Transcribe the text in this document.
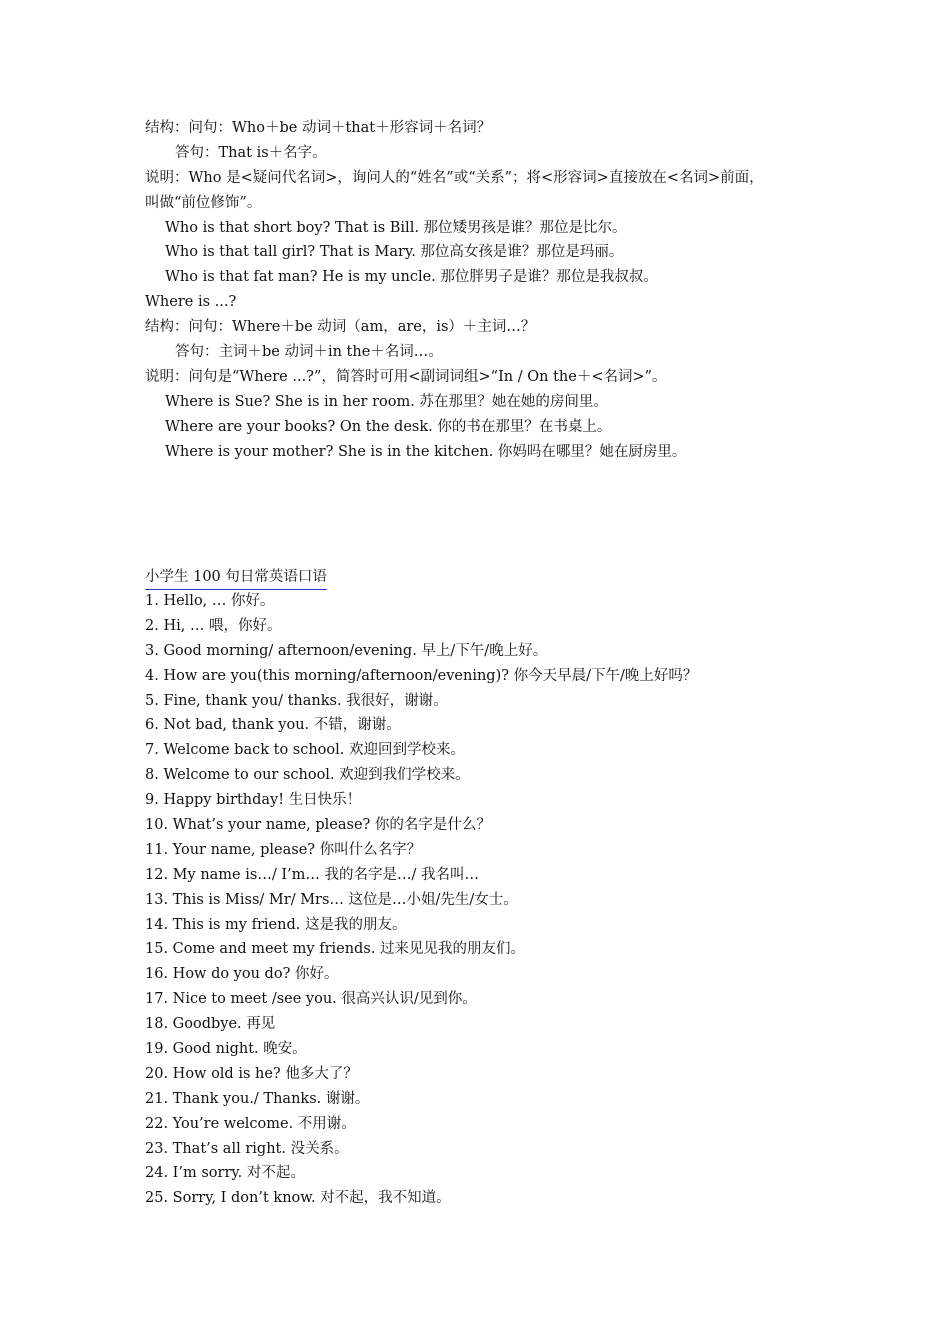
结构：问句：Who＋be 动词＋that＋形容词＋名词？
答句：That is＋名字。
说明：Who 是<疑问代名词>，询问人的“姓名”或“关系”；将<形容词>直接放在<名词>前面，
叫做“前位修饰”。
Who is that short boy? That is Bill. 那位矮男孩是谁？那位是比尔。
Who is that tall girl? That is Mary. 那位高女孩是谁？那位是玛丽。
Who is that fat man? He is my uncle. 那位胖男子是谁？那位是我叔叔。
Where is ...?
结构：问句：Where＋be 动词（am，are，is）＋主词…？
答句：主词＋be 动词＋in the＋名词…。
说明：问句是“Where ...?”，简答时可用<副词词组>“In / On the＋<名词>”。
Where is Sue? She is in her room. 苏在那里？她在她的房间里。
Where are your books? On the desk. 你的书在那里？在书桌上。
Where is your mother? She is in the kitchen. 你妈吗在哪里？她在厨房里。
小学生 100 句日常英语口语
1. Hello, … 你好。
2. Hi, … 喂，你好。
3. Good morning/ afternoon/evening. 早上/下午/晚上好。
4. How are you(this morning/afternoon/evening)? 你今天早晨/下午/晚上好吗？
5. Fine, thank you/ thanks. 我很好，谢谢。
6. Not bad, thank you. 不错，谢谢。
7. Welcome back to school. 欢迎回到学校来。
8. Welcome to our school. 欢迎到我们学校来。
9. Happy birthday! 生日快乐！
10. What’s your name, please? 你的名字是什么？
11. Your name, please? 你叫什么名字？
12. My name is…/ I’m… 我的名字是…/ 我名叫…
13. This is Miss/ Mr/ Mrs… 这位是…小姐/先生/女士。
14. This is my friend. 这是我的朋友。
15. Come and meet my friends. 过来见见我的朋友们。
16. How do you do? 你好。
17. Nice to meet /see you. 很高兴认识/见到你。
18. Goodbye. 再见
19. Good night. 晚安。
20. How old is he? 他多大了？
21. Thank you./ Thanks. 谢谢。
22. You’re welcome. 不用谢。
23. That’s all right. 没关系。
24. I’m sorry. 对不起。
25. Sorry, I don’t know. 对不起，我不知道。
